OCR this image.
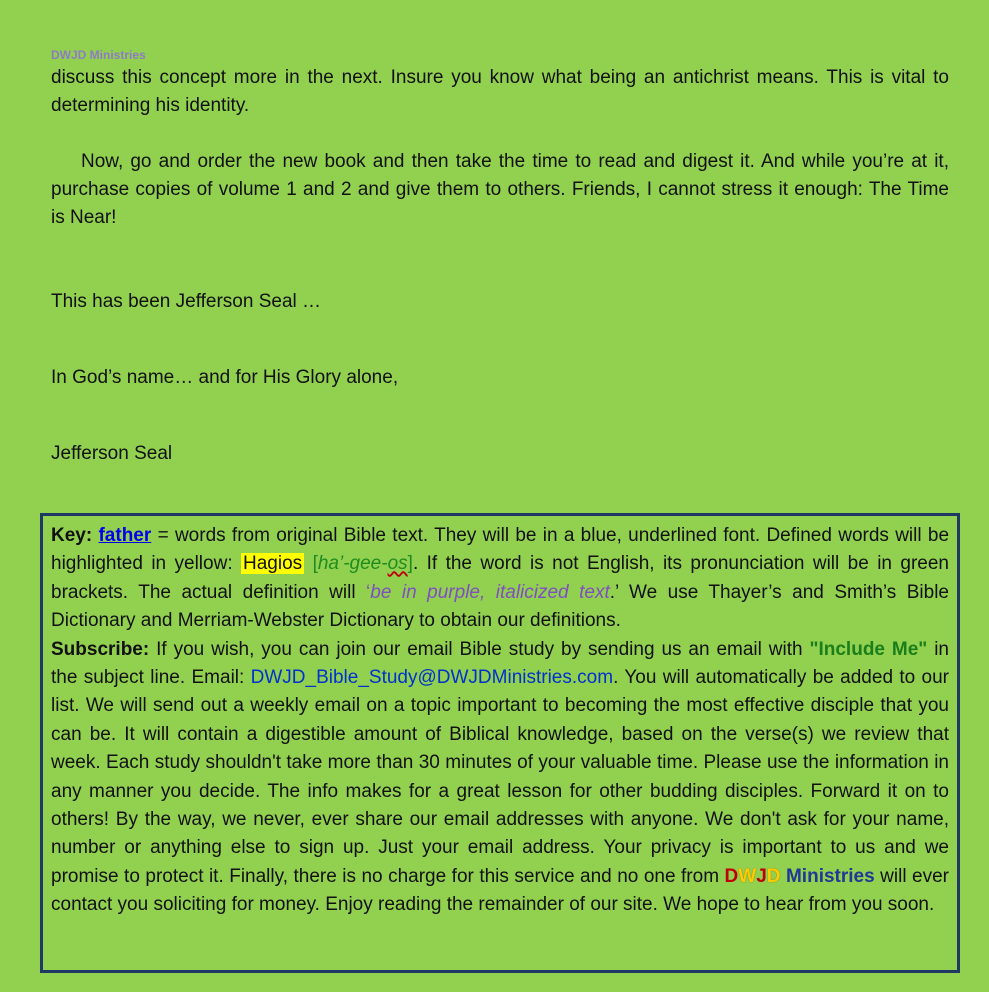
DWJD Ministries

discuss this concept more in the next. Insure you know what being an antichrist means. This is vital to determining his identity.

Now, go and order the new book and then take the time to read and digest it. And while you’re at it, purchase copies of volume 1 and 2 and give them to others. Friends, I cannot stress it enough: The Time is Near!

This has been Jefferson Seal …

In God’s name… and for His Glory alone,

Jefferson Seal

Key: father = words from original Bible text. They will be in a blue, underlined font. Defined words will be highlighted in yellow: Hagios [ha’-gee-os]. If the word is not English, its pronunciation will be in green brackets. The actual definition will ‘be in purple, italicized text.’ We use Thayer’s and Smith’s Bible Dictionary and Merriam-Webster Dictionary to obtain our definitions.

Subscribe: If you wish, you can join our email Bible study by sending us an email with "Include Me" in the subject line. Email: DWJD_Bible_Study@DWJDMinistries.com. You will automatically be added to our list. We will send out a weekly email on a topic important to becoming the most effective disciple that you can be. It will contain a digestible amount of Biblical knowledge, based on the verse(s) we review that week. Each study shouldn't take more than 30 minutes of your valuable time. Please use the information in any manner you decide. The info makes for a great lesson for other budding disciples. Forward it on to others! By the way, we never, ever share our email addresses with anyone. We don't ask for your name, number or anything else to sign up. Just your email address. Your privacy is important to us and we promise to protect it. Finally, there is no charge for this service and no one from DWJD Ministries will ever contact you soliciting for money. Enjoy reading the remainder of our site. We hope to hear from you soon.
